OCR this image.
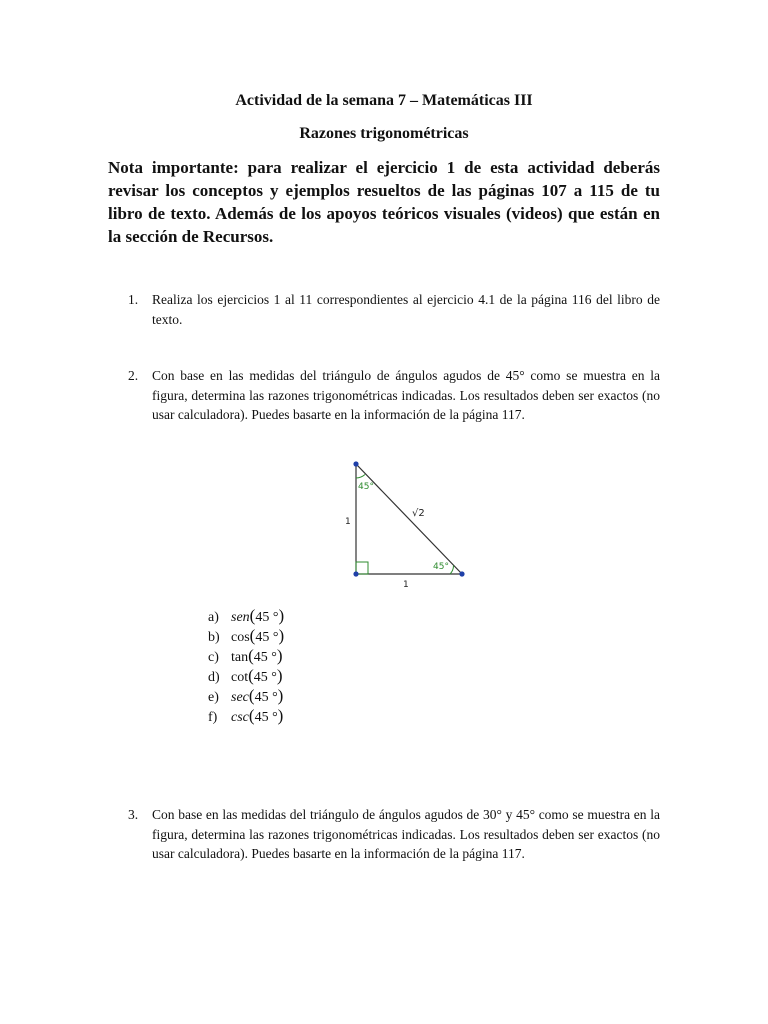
Actividad de la semana 7 – Matemáticas III
Razones trigonométricas

Nota importante: para realizar el ejercicio 1 de esta actividad deberás revisar los conceptos y ejemplos resueltos de las páginas 107 a 115 de tu libro de texto. Además de los apoyos teóricos visuales (videos) que están en la sección de Recursos.

1. Realiza los ejercicios 1 al 11 correspondientes al ejercicio 4.1 de la página 116 del libro de texto.
2. Con base en las medidas del triángulo de ángulos agudos de 45° como se muestra en la figura, determina las razones trigonométricas indicadas. Los resultados deben ser exactos (no usar calculadora). Puedes basarte en la información de la página 117.
45°
45°
1
1
√2
a) sen(45 °)
b) cos(45 °)
c) tan(45 °)
d) cot(45 °)
e) sec(45 °)
f) csc(45 °)
3. Con base en las medidas del triángulo de ángulos agudos de 30° y 45° como se muestra en la figura, determina las razones trigonométricas indicadas. Los resultados deben ser exactos (no usar calculadora). Puedes basarte en la información de la página 117.
